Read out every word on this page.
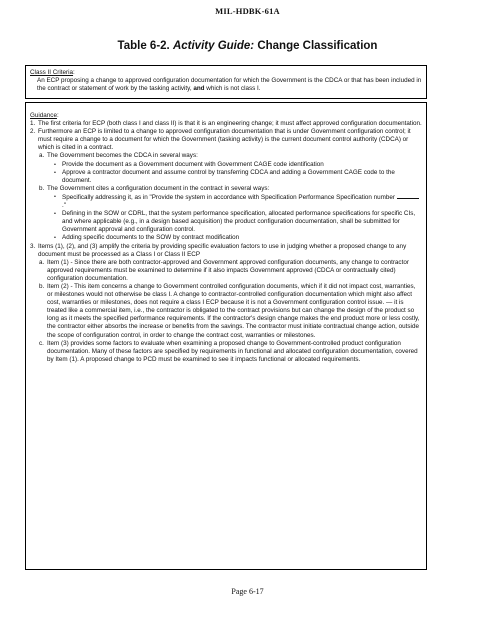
MIL-HDBK-61A
Table 6-2. Activity Guide: Change Classification
Class II Criteria:
An ECP proposing a change to approved configuration documentation for which the Government is the CDCA or that has been included in the contract or statement of work by the tasking activity, and which is not class I.
Guidance:
1. The first criteria for ECP (both class I and class II) is that it is an engineering change; it must affect approved configuration documentation.

2. Furthermore an ECP is limited to a change to approved configuration documentation that is under Government configuration control; it must require a change to a document for which the Government (tasking activity) is the current document control authority (CDCA) or which is cited in a contract.

a. The Government becomes the CDCA in several ways:

• Provide the document as a Government document with Government CAGE code identification

• Approve a contractor document and assume control by transferring CDCA and adding a Government CAGE code to the document.

b. The Government cites a configuration document in the contract in several ways:

• Specifically addressing it, as in "Provide the system in accordance with Specification Performance Specification number ."

• Defining in the SOW or CDRL, that the system performance specification, allocated performance specifications for specific CIs, and where applicable (e.g., in a design based acquisition) the product configuration documentation, shall be submitted for Government approval and configuration control.

• Adding specific documents to the SOW by contract modification

3. Items (1), (2), and (3) amplify the criteria by providing specific evaluation factors to use in judging whether a proposed change to any document must be processed as a Class I or Class II ECP

a. Item (1) - Since there are both contractor-approved and Government approved configuration documents, any change to contractor approved requirements must be examined to determine if it also impacts Government approved (CDCA or contractually cited) configuration documentation.

b. Item (2) - This item concerns a change to Government controlled configuration documents, which if it did not impact cost, warranties, or milestones would not otherwise be class I. A change to contractor-controlled configuration documentation which might also affect cost, warranties or milestones, does not require a class I ECP because it is not a Government configuration control issue. — it is treated like a commercial item, i.e., the contractor is obligated to the contract provisions but can change the design of the product so long as it meets the specified performance requirements. If the contractor's design change makes the end product more or less costly, the contractor either absorbs the increase or benefits from the savings. The contractor must initiate contractual change action, outside the scope of configuration control, in order to change the contract cost, warranties or milestones.

c. Item (3) provides some factors to evaluate when examining a proposed change to Government-controlled product configuration documentation. Many of these factors are specified by requirements in functional and allocated configuration documentation, covered by Item (1). A proposed change to PCD must be examined to see it impacts functional or allocated requirements.

Page 6-17
